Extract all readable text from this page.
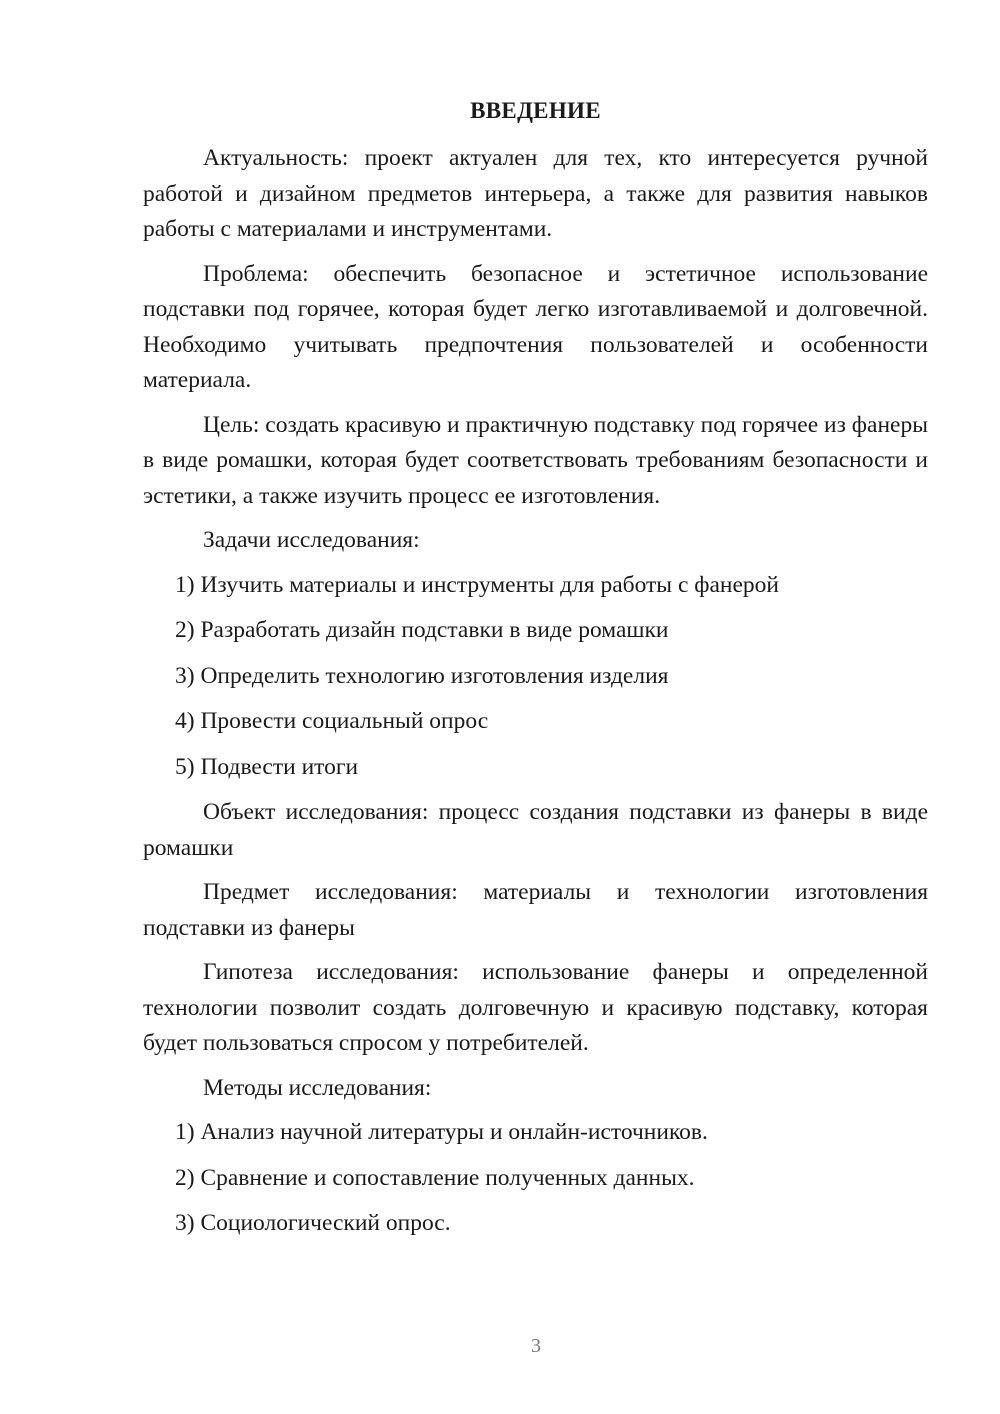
ВВЕДЕНИЕ

Актуальность: проект актуален для тех, кто интересуется ручной работой и дизайном предметов интерьера, а также для развития навыков работы с материалами и инструментами.

Проблема: обеспечить безопасное и эстетичное использование подставки под горячее, которая будет легко изготавливаемой и долговечной. Необходимо учитывать предпочтения пользователей и особенности материала.

Цель: создать красивую и практичную подставку под горячее из фанеры в виде ромашки, которая будет соответствовать требованиям безопасности и эстетики, а также изучить процесс ее изготовления.

Задачи исследования:

1) Изучить материалы и инструменты для работы с фанерой

2) Разработать дизайн подставки в виде ромашки

3) Определить технологию изготовления изделия

4) Провести социальный опрос

5) Подвести итоги

Объект исследования: процесс создания подставки из фанеры в виде ромашки

Предмет исследования: материалы и технологии изготовления подставки из фанеры

Гипотеза исследования: использование фанеры и определенной технологии позволит создать долговечную и красивую подставку, которая будет пользоваться спросом у потребителей.

Методы исследования:

1) Анализ научной литературы и онлайн-источников.

2) Сравнение и сопоставление полученных данных.

3) Социологический опрос.

3
